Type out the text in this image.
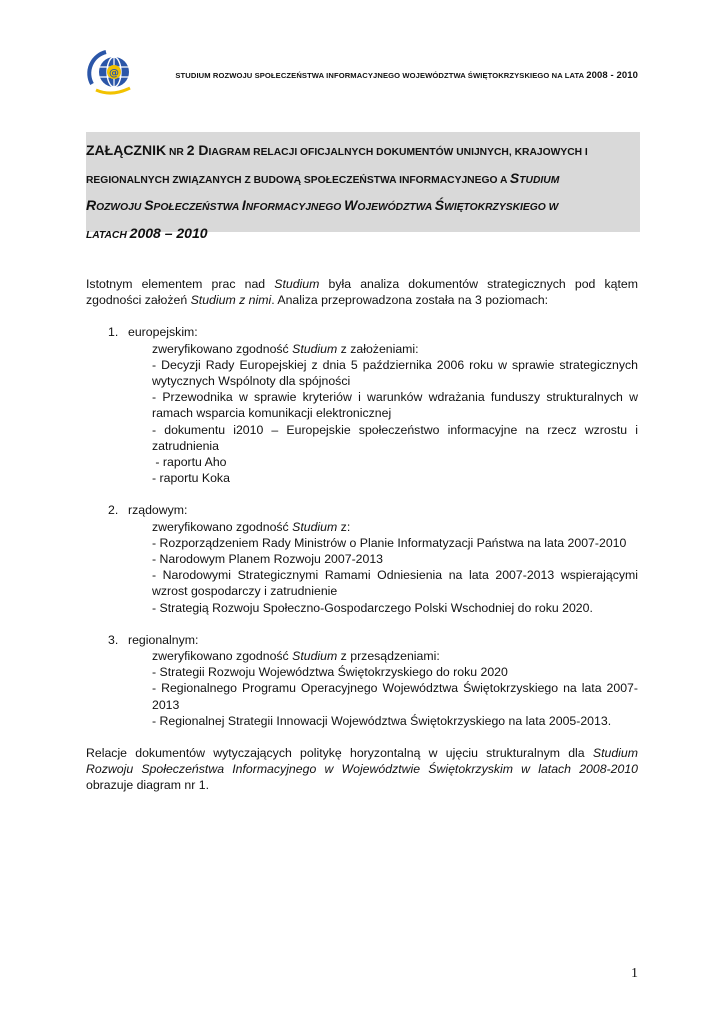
@	STUDIUM ROZWOJU SPOŁECZEŃSTWA INFORMACYJNEGO WOJEWÓDZTWA ŚWIĘTOKRZYSKIEGO NA LATA 2008 - 2010
ZAŁĄCZNIK NR 2 DIAGRAM RELACJI OFICJALNYCH DOKUMENTÓW UNIJNYCH, KRAJOWYCH I
REGIONALNYCH ZWIĄZANYCH Z BUDOWĄ SPOŁECZEŃSTWA INFORMACYJNEGO A STUDIUM
ROZWOJU SPOŁECZEŃSTWA INFORMACYJNEGO WOJEWÓDZTWA ŚWIĘTOKRZYSKIEGO W
LATACH 2008 – 2010

Istotnym elementem prac nad Studium była analiza dokumentów strategicznych pod kątem zgodności założeń Studium z nimi. Analiza przeprowadzona została na 3 poziomach:

1. europejskim:
zweryfikowano zgodność Studium z założeniami:
- Decyzji Rady Europejskiej z dnia 5 października 2006 roku w sprawie strategicznych wytycznych Wspólnoty dla spójności
- Przewodnika w sprawie kryteriów i warunków wdrażania funduszy strukturalnych w ramach wsparcia komunikacji elektronicznej
- dokumentu i2010 – Europejskie społeczeństwo informacyjne na rzecz wzrostu i zatrudnienia
- raportu Aho
- raportu Koka
2. rządowym:
zweryfikowano zgodność Studium z:
- Rozporządzeniem Rady Ministrów o Planie Informatyzacji Państwa na lata 2007-2010
- Narodowym Planem Rozwoju 2007-2013
- Narodowymi Strategicznymi Ramami Odniesienia na lata 2007-2013 wspierającymi wzrost gospodarczy i zatrudnienie
- Strategią Rozwoju Społeczno-Gospodarczego Polski Wschodniej do roku 2020.
3. regionalnym:
zweryfikowano zgodność Studium z przesądzeniami:
- Strategii Rozwoju Województwa Świętokrzyskiego do roku 2020
- Regionalnego Programu Operacyjnego Województwa Świętokrzyskiego na lata 2007-2013
- Regionalnej Strategii Innowacji Województwa Świętokrzyskiego na lata 2005-2013.

Relacje dokumentów wytyczających politykę horyzontalną w ujęciu strukturalnym dla Studium Rozwoju Społeczeństwa Informacyjnego w Województwie Świętokrzyskim w latach 2008-2010 obrazuje diagram nr 1.

1
